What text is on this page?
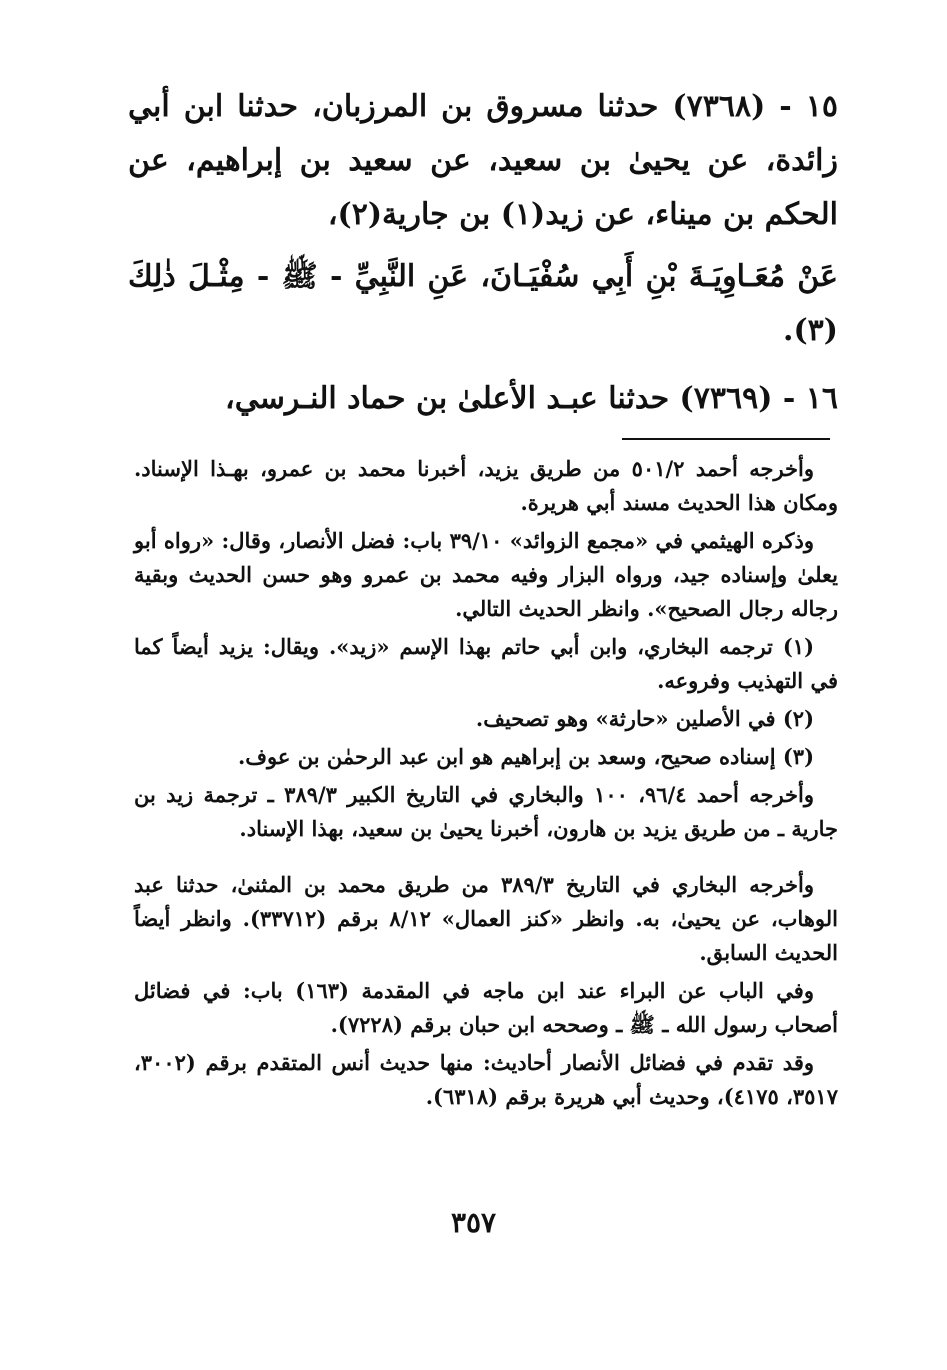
١٥ - (٧٣٦٨) حدثنا مسروق بن المرزبان، حدثنا ابن أبي زائدة، عن يحيىٰ بن سعيد، عن سعيد بن إبراهيم، عن الحكم بن ميناء، عن زيد(١) بن جارية(٢)،

عَنْ مُعَـاوِيَـةَ بْنِ أَبِي سُفْيَـانَ، عَنِ النَّبِيِّ - ﷺ - مِثْـلَ ذٰلِكَ (٣).

١٦ - (٧٣٦٩) حدثنا عبـد الأعلىٰ بن حماد النـرسي،

وأخرجه أحمد ٥٠١/٢ من طريق يزيد، أخبرنا محمد بن عمرو، بهـذا الإسناد. ومكان هذا الحديث مسند أبي هريرة.

وذكره الهيثمي في «مجمع الزوائد» ٣٩/١٠ باب: فضل الأنصار، وقال: «رواه أبو يعلىٰ وإسناده جيد، ورواه البزار وفيه محمد بن عمرو وهو حسن الحديث وبقية رجاله رجال الصحيح». وانظر الحديث التالي.

(١) ترجمه البخاري، وابن أبي حاتم بهذا الإسم «زيد». ويقال: يزيد أيضاً كما في التهذيب وفروعه.

(٢) في الأصلين «حارثة» وهو تصحيف.

(٣) إسناده صحيح، وسعد بن إبراهيم هو ابن عبد الرحمٰن بن عوف.

وأخرجه أحمد ٩٦/٤، ١٠٠ والبخاري في التاريخ الكبير ٣٨٩/٣ ـ ترجمة زيد بن جارية ـ من طريق يزيد بن هارون، أخبرنا يحيىٰ بن سعيد، بهذا الإسناد.

وأخرجه البخاري في التاريخ ٣٨٩/٣ من طريق محمد بن المثنىٰ، حدثنا عبد الوهاب، عن يحيىٰ، به. وانظر «كنز العمال» ٨/١٢ برقم (٣٣٧١٢). وانظر أيضاً الحديث السابق.

وفي الباب عن البراء عند ابن ماجه في المقدمة (١٦٣) باب: في فضائل أصحاب رسول الله ـ ﷺ ـ وصححه ابن حبان برقم (٧٢٢٨).

وقد تقدم في فضائل الأنصار أحاديث: منها حديث أنس المتقدم برقم (٣٠٠٢، ٣٥١٧، ٤١٧٥)، وحديث أبي هريرة برقم (٦٣١٨).

٣٥٧
